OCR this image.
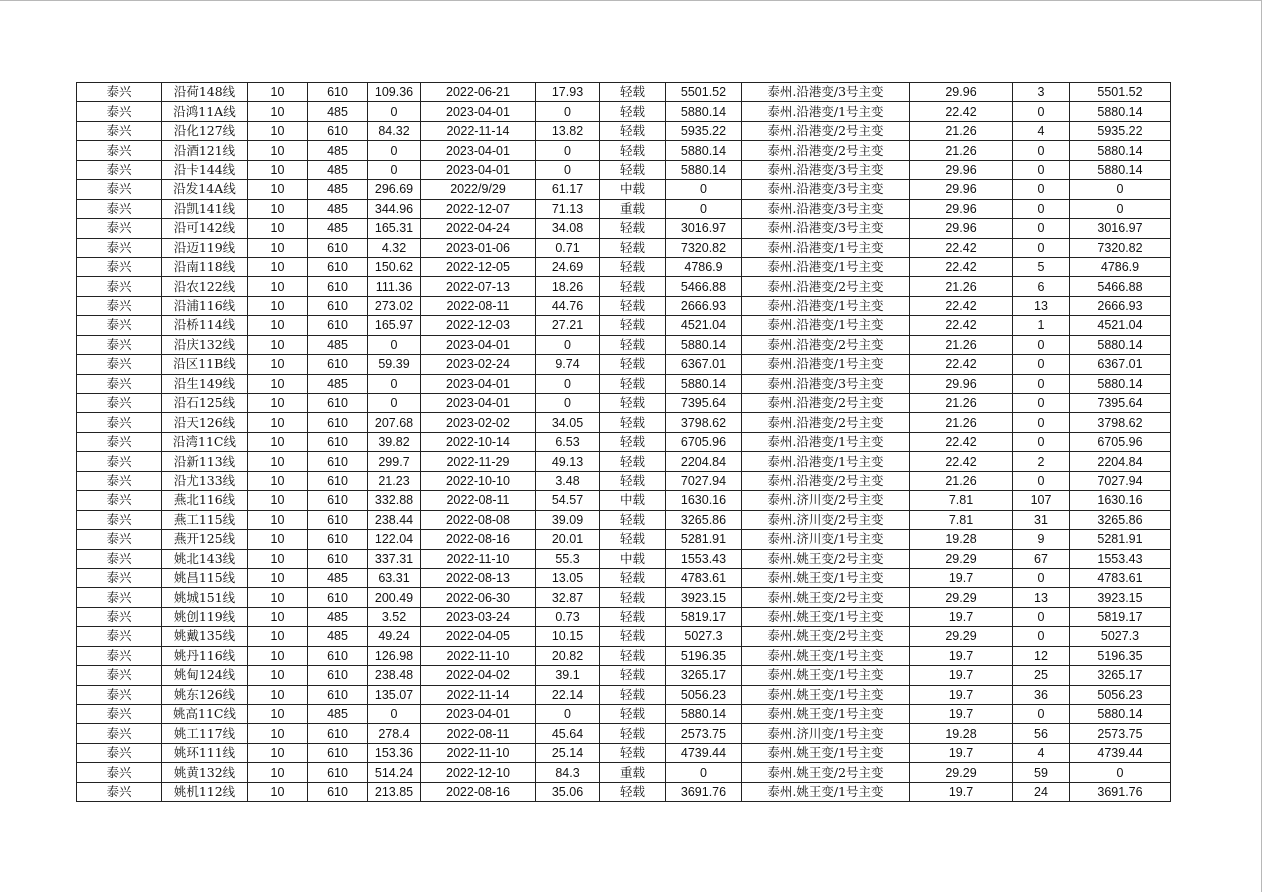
泰兴	沿荷148线	10	610	109.36	2022-06-21	17.93	轻载	5501.52	泰州.沿港变/3号主变	29.96	3	5501.52
泰兴	沿鸿11A线	10	485	0	2023-04-01	0	轻载	5880.14	泰州.沿港变/1号主变	22.42	0	5880.14
泰兴	沿化127线	10	610	84.32	2022-11-14	13.82	轻载	5935.22	泰州.沿港变/2号主变	21.26	4	5935.22
泰兴	沿酒121线	10	485	0	2023-04-01	0	轻载	5880.14	泰州.沿港变/2号主变	21.26	0	5880.14
泰兴	沿卡144线	10	485	0	2023-04-01	0	轻载	5880.14	泰州.沿港变/3号主变	29.96	0	5880.14
泰兴	沿发14A线	10	485	296.69	2022/9/29	61.17	中载	0	泰州.沿港变/3号主变	29.96	0	0
泰兴	沿凯141线	10	485	344.96	2022-12-07	71.13	重载	0	泰州.沿港变/3号主变	29.96	0	0
泰兴	沿可142线	10	485	165.31	2022-04-24	34.08	轻载	3016.97	泰州.沿港变/3号主变	29.96	0	3016.97
泰兴	沿迈119线	10	610	4.32	2023-01-06	0.71	轻载	7320.82	泰州.沿港变/1号主变	22.42	0	7320.82
泰兴	沿南118线	10	610	150.62	2022-12-05	24.69	轻载	4786.9	泰州.沿港变/1号主变	22.42	5	4786.9
泰兴	沿农122线	10	610	111.36	2022-07-13	18.26	轻载	5466.88	泰州.沿港变/2号主变	21.26	6	5466.88
泰兴	沿浦116线	10	610	273.02	2022-08-11	44.76	轻载	2666.93	泰州.沿港变/1号主变	22.42	13	2666.93
泰兴	沿桥114线	10	610	165.97	2022-12-03	27.21	轻载	4521.04	泰州.沿港变/1号主变	22.42	1	4521.04
泰兴	沿庆132线	10	485	0	2023-04-01	0	轻载	5880.14	泰州.沿港变/2号主变	21.26	0	5880.14
泰兴	沿区11B线	10	610	59.39	2023-02-24	9.74	轻载	6367.01	泰州.沿港变/1号主变	22.42	0	6367.01
泰兴	沿生149线	10	485	0	2023-04-01	0	轻载	5880.14	泰州.沿港变/3号主变	29.96	0	5880.14
泰兴	沿石125线	10	610	0	2023-04-01	0	轻载	7395.64	泰州.沿港变/2号主变	21.26	0	7395.64
泰兴	沿天126线	10	610	207.68	2023-02-02	34.05	轻载	3798.62	泰州.沿港变/2号主变	21.26	0	3798.62
泰兴	沿湾11C线	10	610	39.82	2022-10-14	6.53	轻载	6705.96	泰州.沿港变/1号主变	22.42	0	6705.96
泰兴	沿新113线	10	610	299.7	2022-11-29	49.13	轻载	2204.84	泰州.沿港变/1号主变	22.42	2	2204.84
泰兴	沿尤133线	10	610	21.23	2022-10-10	3.48	轻载	7027.94	泰州.沿港变/2号主变	21.26	0	7027.94
泰兴	燕北116线	10	610	332.88	2022-08-11	54.57	中载	1630.16	泰州.济川变/2号主变	7.81	107	1630.16
泰兴	燕工115线	10	610	238.44	2022-08-08	39.09	轻载	3265.86	泰州.济川变/2号主变	7.81	31	3265.86
泰兴	燕开125线	10	610	122.04	2022-08-16	20.01	轻载	5281.91	泰州.济川变/1号主变	19.28	9	5281.91
泰兴	姚北143线	10	610	337.31	2022-11-10	55.3	中载	1553.43	泰州.姚王变/2号主变	29.29	67	1553.43
泰兴	姚昌115线	10	485	63.31	2022-08-13	13.05	轻载	4783.61	泰州.姚王变/1号主变	19.7	0	4783.61
泰兴	姚城151线	10	610	200.49	2022-06-30	32.87	轻载	3923.15	泰州.姚王变/2号主变	29.29	13	3923.15
泰兴	姚创119线	10	485	3.52	2023-03-24	0.73	轻载	5819.17	泰州.姚王变/1号主变	19.7	0	5819.17
泰兴	姚戴135线	10	485	49.24	2022-04-05	10.15	轻载	5027.3	泰州.姚王变/2号主变	29.29	0	5027.3
泰兴	姚丹116线	10	610	126.98	2022-11-10	20.82	轻载	5196.35	泰州.姚王变/1号主变	19.7	12	5196.35
泰兴	姚甸124线	10	610	238.48	2022-04-02	39.1	轻载	3265.17	泰州.姚王变/1号主变	19.7	25	3265.17
泰兴	姚东126线	10	610	135.07	2022-11-14	22.14	轻载	5056.23	泰州.姚王变/1号主变	19.7	36	5056.23
泰兴	姚高11C线	10	485	0	2023-04-01	0	轻载	5880.14	泰州.姚王变/1号主变	19.7	0	5880.14
泰兴	姚工117线	10	610	278.4	2022-08-11	45.64	轻载	2573.75	泰州.济川变/1号主变	19.28	56	2573.75
泰兴	姚环111线	10	610	153.36	2022-11-10	25.14	轻载	4739.44	泰州.姚王变/1号主变	19.7	4	4739.44
泰兴	姚黄132线	10	610	514.24	2022-12-10	84.3	重载	0	泰州.姚王变/2号主变	29.29	59	0
泰兴	姚机112线	10	610	213.85	2022-08-16	35.06	轻载	3691.76	泰州.姚王变/1号主变	19.7	24	3691.76
